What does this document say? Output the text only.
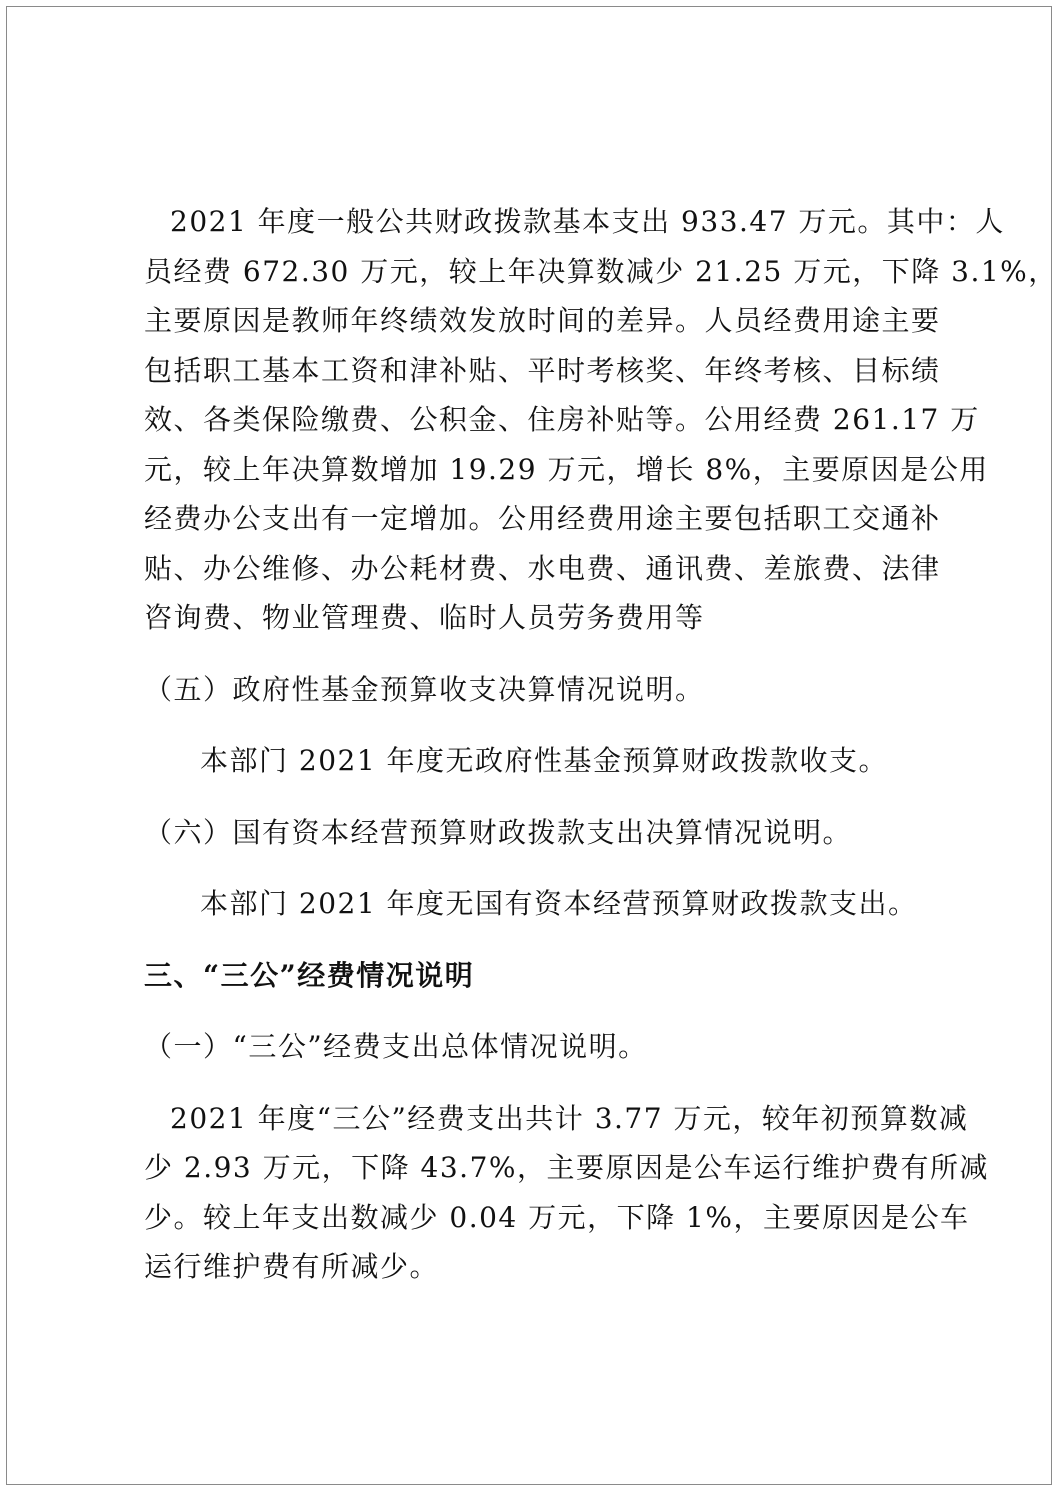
2021 年度一般公共财政拨款基本支出 933.47 万元。其中：人
员经费 672.30 万元，较上年决算数减少 21.25 万元，下降 3.1%，
主要原因是教师年终绩效发放时间的差异。人员经费用途主要
包括职工基本工资和津补贴、平时考核奖、年终考核、目标绩
效、各类保险缴费、公积金、住房补贴等。公用经费 261.17 万
元，较上年决算数增加 19.29 万元，增长 8%，主要原因是公用
经费办公支出有一定增加。公用经费用途主要包括职工交通补
贴、办公维修、办公耗材费、水电费、通讯费、差旅费、法律
咨询费、物业管理费、临时人员劳务费用等
（五）政府性基金预算收支决算情况说明。
本部门 2021 年度无政府性基金预算财政拨款收支。
（六）国有资本经营预算财政拨款支出决算情况说明。
本部门 2021 年度无国有资本经营预算财政拨款支出。
三、“三公”经费情况说明
（一）“三公”经费支出总体情况说明。
2021 年度“三公”经费支出共计 3.77 万元，较年初预算数减
少 2.93 万元，下降 43.7%，主要原因是公车运行维护费有所减
少。较上年支出数减少 0.04 万元，下降 1%，主要原因是公车
运行维护费有所减少。
